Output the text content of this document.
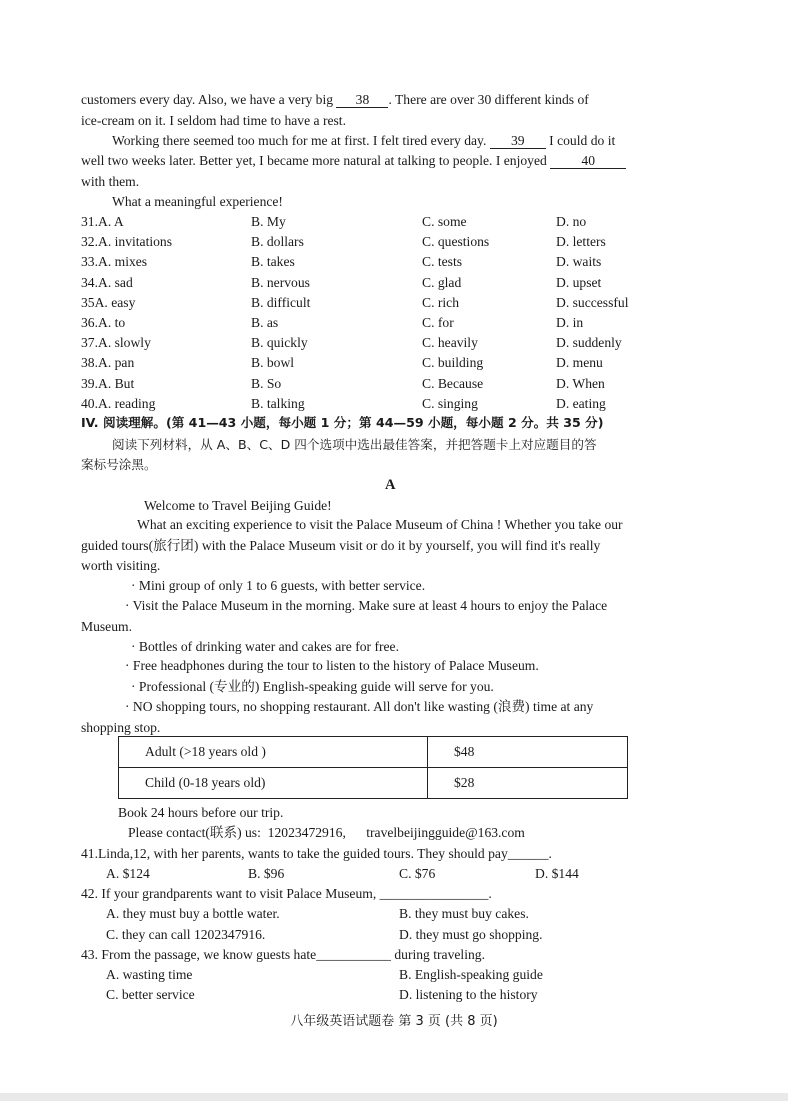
customers every day. Also, we have a very big 38 . There are over 30 different kinds of
ice-cream on it. I seldom had time to have a rest.
Working there seemed too much for me at first. I felt tired every day. 39 I could do it
well two weeks later. Better yet, I became more natural at talking to people. I enjoyed	40
with them.
What a meaningful experience!
31.A. A	B. My	C. some	D. no
32.A. invitations	B. dollars	C. questions	D. letters
33.A. mixes	B. takes	C. tests	D. waits
34.A. sad	B. nervous	C. glad	D. upset
35A. easy	B. difficult	C. rich	D. successful
36.A. to	B. as	C. for	D. in
37.A. slowly	B. quickly	C. heavily	D. suddenly
38.A. pan	B. bowl	C. building	D. menu
39.A. But	B. So	C. Because	D. When
40.A. reading	B. talking	C. singing	D. eating
IV. 阅读理解。(第 41—43 小题，每小题 1 分；第 44—59 小题，每小题 2 分。共 35 分)
阅读下列材料，从 A、B、C、D 四个选项中选出最佳答案，并把答题卡上对应题目的答
案标号涂黑。
A
Welcome to Travel Beijing Guide!
What an exciting experience to visit the Palace Museum of China ! Whether you take our
guided tours(旅行团) with the Palace Museum visit or do it by yourself, you will find it's really
worth visiting.
· Mini group of only 1 to 6 guests, with better service.
· Visit the Palace Museum in the morning. Make sure at least 4 hours to enjoy the Palace
Museum.
· Bottles of drinking water and cakes are for free.
· Free headphones during the tour to listen to the history of Palace Museum.
· Professional (专业的) English-speaking guide will serve for you.
· NO shopping tours, no shopping restaurant. All don't like wasting (浪费) time at any
shopping stop.
Adult (>18 years old )	$48
Child (0-18 years old)	$28
Book 24 hours before our trip.
Please contact(联系) us:  12023472916,      travelbeijingguide@163.com
41.Linda,12, with her parents, wants to take the guided tours. They should pay______.
A. $124	B. $96	C. $76	D. $144
42. If your grandparents want to visit Palace Museum, ________________.
A. they must buy a bottle water.	B. they must buy cakes.
C. they can call 1202347916.	D. they must go shopping.
43. From the passage, we know guests hate___________ during traveling.
A. wasting time	B. English-speaking guide
C. better service	D. listening to the history
八年级英语试题卷 第 3 页 (共 8 页)
